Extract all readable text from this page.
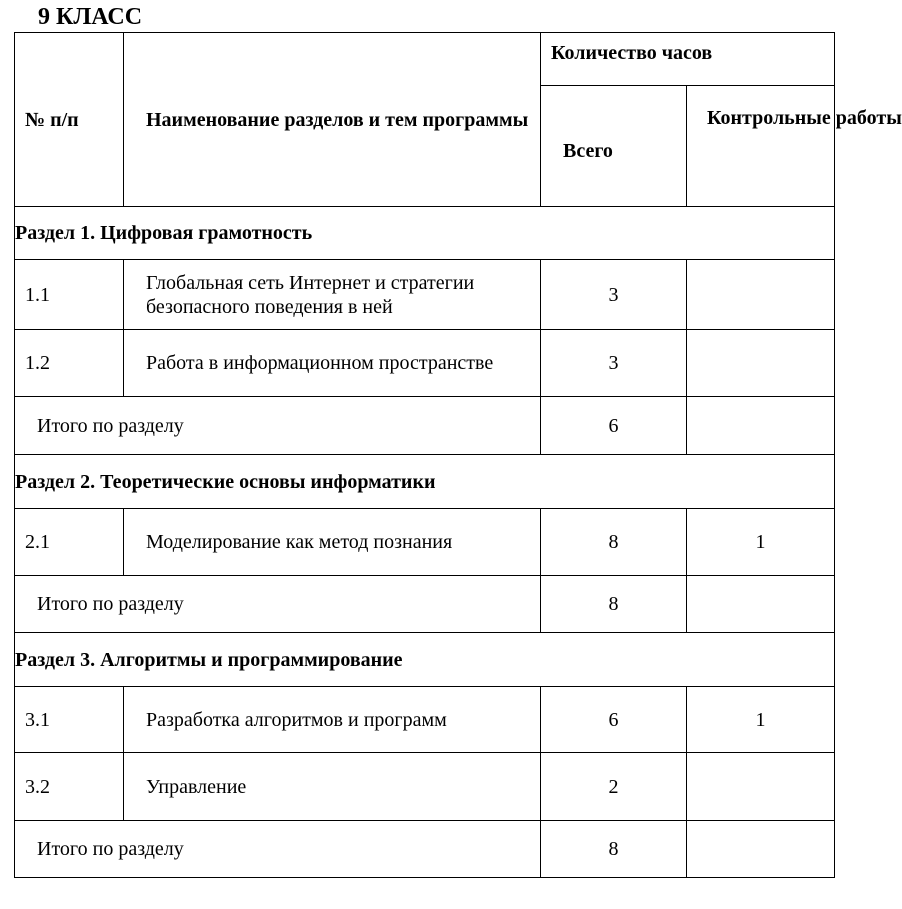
9 КЛАСС
№ п/п	Наименование разделов и тем программы	Количество часов	
		Всего	Контрольные работы
Раздел 1. Цифровая грамотность			
1.1	Глобальная сеть Интернет и стратегии безопасного поведения в ней	3	
1.2	Работа в информационном пространстве	3	
Итого по разделу		6	
Раздел 2. Теоретические основы информатики			
2.1	Моделирование как метод познания	8	1
Итого по разделу		8	
Раздел 3. Алгоритмы и программирование			
3.1	Разработка алгоритмов и программ	6	1
3.2	Управление	2	
Итого по разделу		8	
